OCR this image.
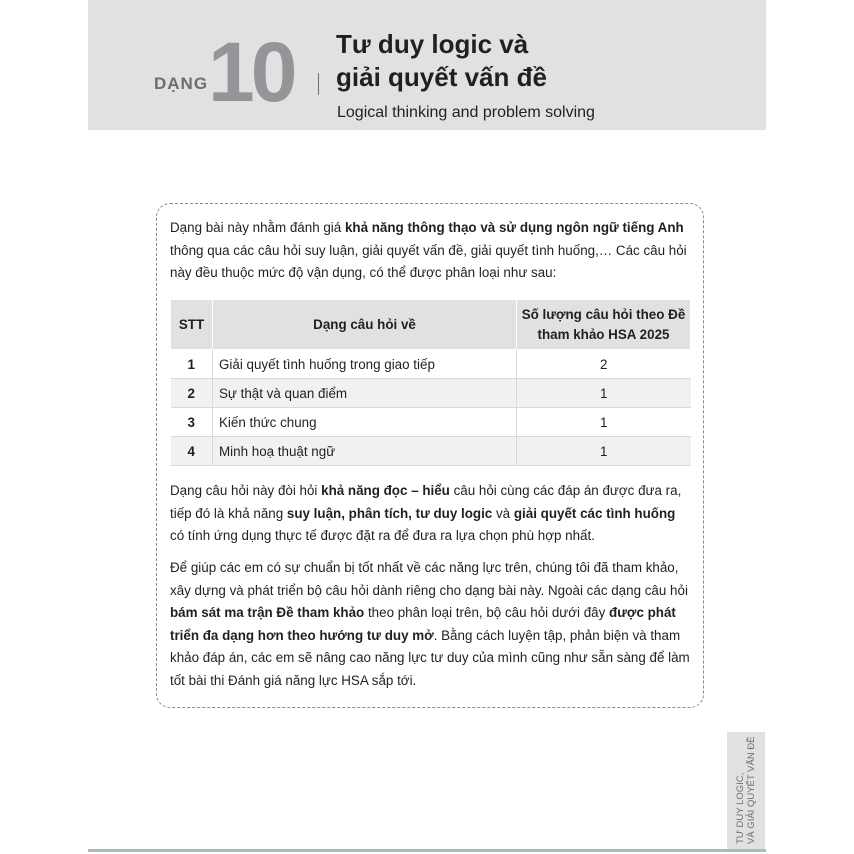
DẠNG 10 Tư duy logic và
giải quyết vấn đề
Logical thinking and problem solving
Dạng bài này nhằm đánh giá khả năng thông thạo và sử dụng ngôn ngữ tiếng Anh thông qua các câu hỏi suy luận, giải quyết vấn đề, giải quyết tình huống,… Các câu hỏi này đều thuộc mức độ vận dụng, có thể được phân loại như sau:
STT	Dạng câu hỏi về	Số lượng câu hỏi theo Đề
tham khảo HSA 2025

1	Giải quyết tình huống trong giao tiếp	2
2	Sự thật và quan điểm	1
3	Kiến thức chung	1
4	Minh hoạ thuật ngữ	1
Dạng câu hỏi này đòi hỏi khả năng đọc – hiểu câu hỏi cùng các đáp án được đưa ra, tiếp đó là khả năng suy luận, phân tích, tư duy logic và giải quyết các tình huống có tính ứng dụng thực tế được đặt ra để đưa ra lựa chọn phù hợp nhất.
Để giúp các em có sự chuẩn bị tốt nhất về các năng lực trên, chúng tôi đã tham khảo, xây dựng và phát triển bộ câu hỏi dành riêng cho dạng bài này. Ngoài các dạng câu hỏi bám sát ma trận Đề tham khảo theo phân loại trên, bộ câu hỏi dưới đây được phát triển đa dạng hơn theo hướng tư duy mở. Bằng cách luyện tập, phản biện và tham khảo đáp án, các em sẽ nâng cao năng lực tư duy của mình cũng như sẵn sàng để làm tốt bài thi Đánh giá năng lực HSA sắp tới.
TƯ DUY LOGIC, VÀ GIẢI QUYẾT VẤN ĐỀ
